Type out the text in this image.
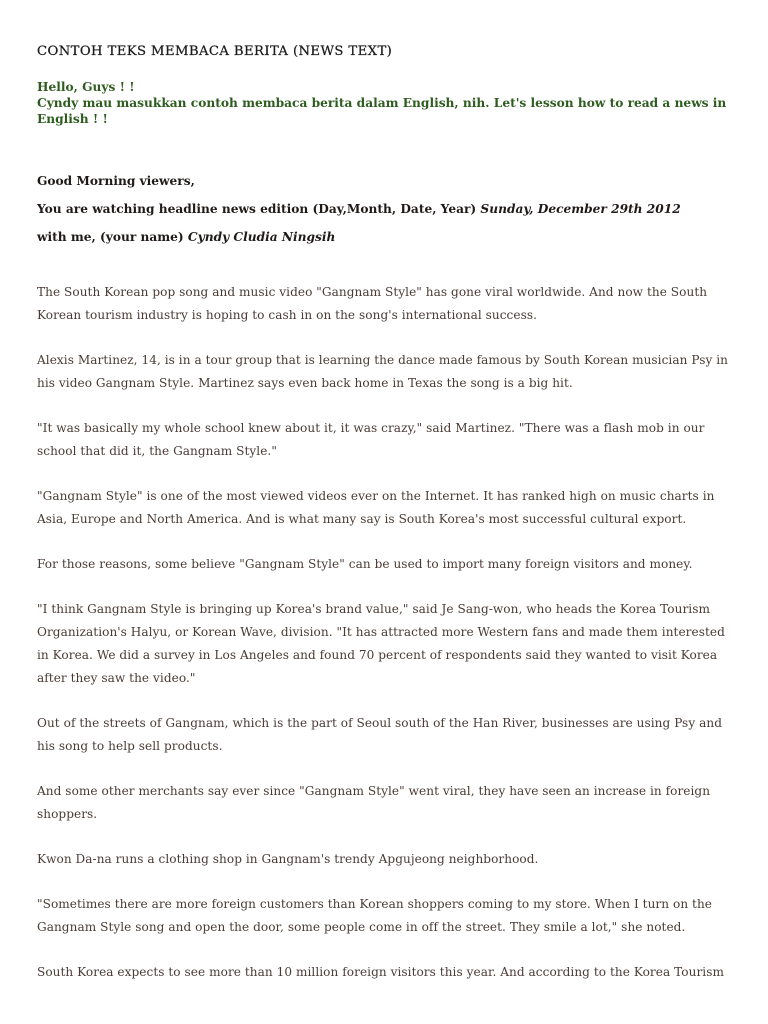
CONTOH TEKS MEMBACA BERITA (NEWS TEXT)
Hello, Guys ! !
Cyndy mau masukkan contoh membaca berita dalam English, nih. Let's lesson how to read a news in English ! !
Good Morning viewers,
You are watching headline news edition (Day,Month, Date, Year) Sunday, December 29th 2012
with me, (your name) Cyndy Cludia Ningsih
The South Korean pop song and music video "Gangnam Style" has gone viral worldwide. And now the South Korean tourism industry is hoping to cash in on the song's international success.
Alexis Martinez, 14, is in a tour group that is learning the dance made famous by South Korean musician Psy in his video Gangnam Style. Martinez says even back home in Texas the song is a big hit.
"It was basically my whole school knew about it, it was crazy," said Martinez. "There was a flash mob in our school that did it, the Gangnam Style."
"Gangnam Style" is one of the most viewed videos ever on the Internet. It has ranked high on music charts in Asia, Europe and North America. And is what many say is South Korea's most successful cultural export.
For those reasons, some believe "Gangnam Style" can be used to import many foreign visitors and money.
"I think Gangnam Style is bringing up Korea's brand value," said Je Sang-won, who heads the Korea Tourism Organization's Halyu, or Korean Wave, division. "It has attracted more Western fans and made them interested in Korea. We did a survey in Los Angeles and found 70 percent of respondents said they wanted to visit Korea after they saw the video."
Out of the streets of Gangnam, which is the part of Seoul south of the Han River, businesses are using Psy and his song to help sell products.
And some other merchants say ever since "Gangnam Style" went viral, they have seen an increase in foreign shoppers.
Kwon Da-na runs a clothing shop in Gangnam's trendy Apgujeong neighborhood.
"Sometimes there are more foreign customers than Korean shoppers coming to my store. When I turn on the Gangnam Style song and open the door, some people come in off the street. They smile a lot," she noted.
South Korea expects to see more than 10 million foreign visitors this year. And according to the Korea Tourism
